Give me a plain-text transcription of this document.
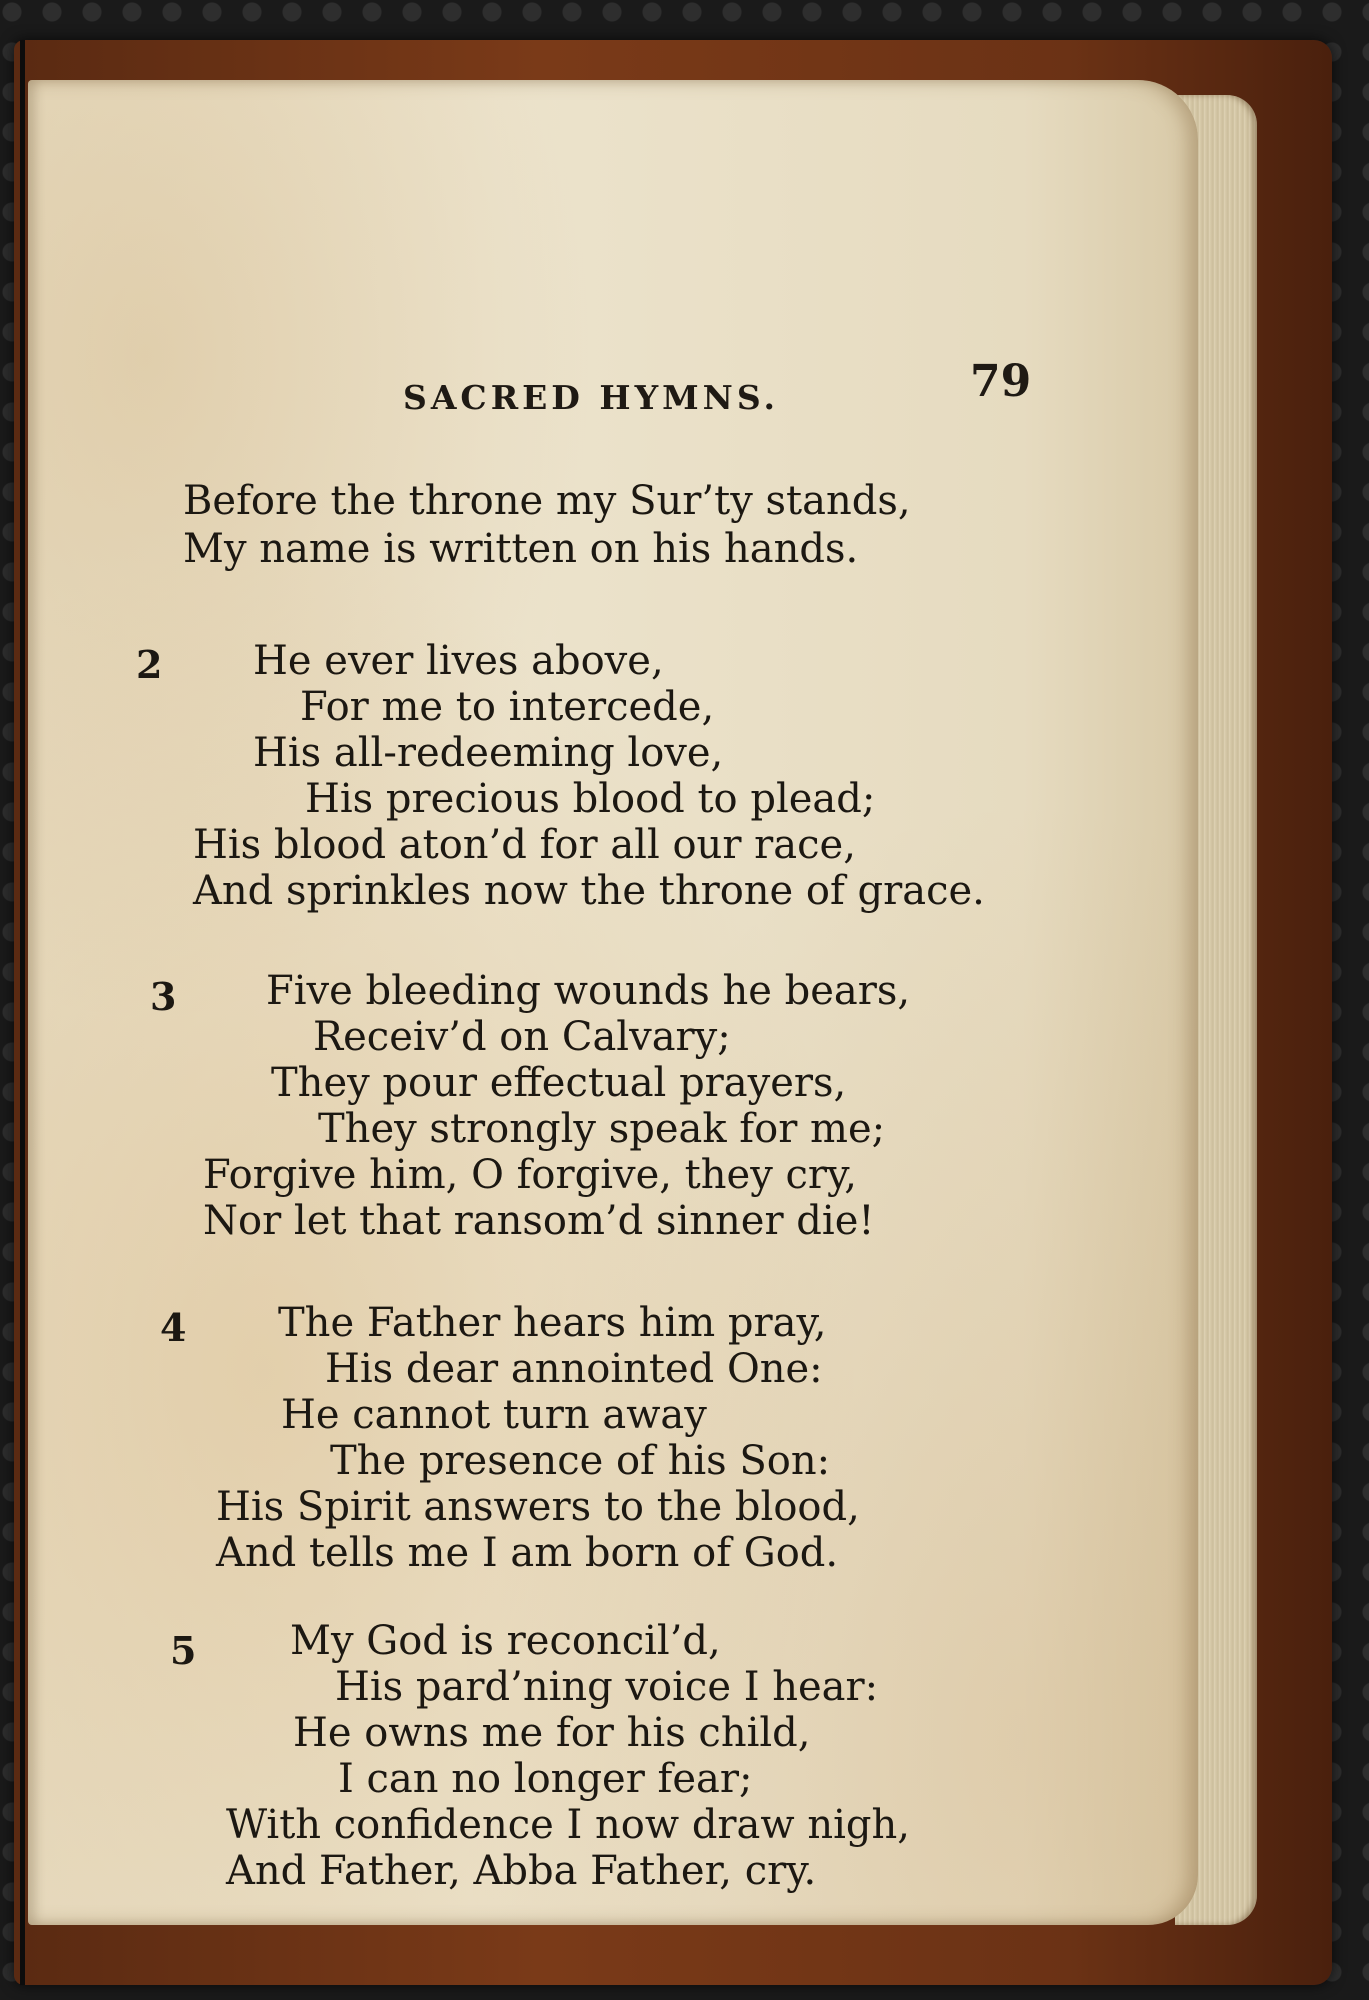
SACRED HYMNS.	79
Before the throne my Sur’ty stands,
My name is written on his hands.
2 He ever lives above,
For me to intercede,
His all-redeeming love,
His precious blood to plead;
His blood aton’d for all our race,
And sprinkles now the throne of grace.
3 Five bleeding wounds he bears,
Receiv’d on Calvary;
They pour effectual prayers,
They strongly speak for me;
Forgive him, O forgive, they cry,
Nor let that ransom’d sinner die!
4 The Father hears him pray,
His dear annointed One:
He cannot turn away
The presence of his Son:
His Spirit answers to the blood,
And tells me I am born of God.
5 My God is reconcil’d,
His pard’ning voice I hear:
He owns me for his child,
I can no longer fear;
With confidence I now draw nigh,
And Father, Abba Father, cry.
